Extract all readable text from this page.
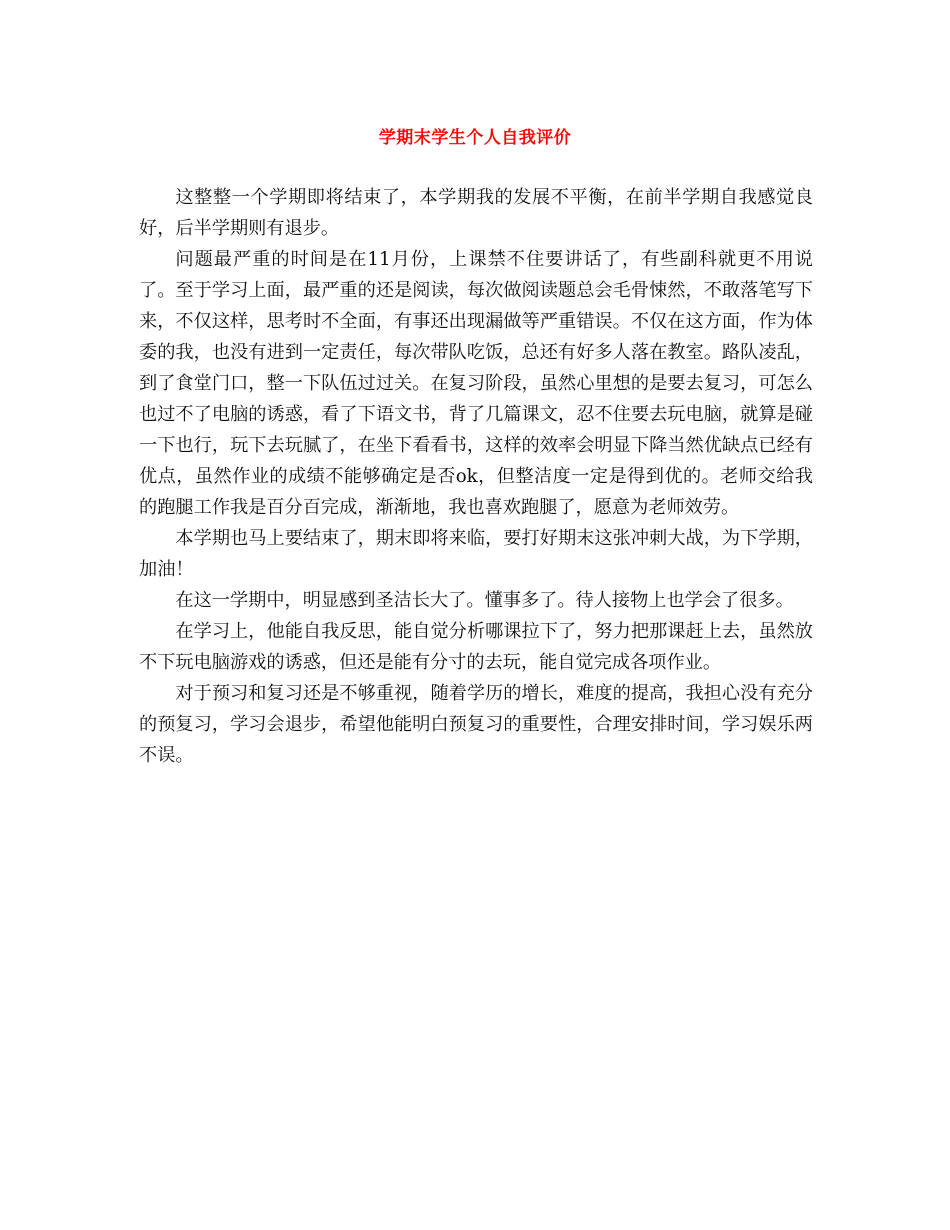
学期末学生个人自我评价

这整整一个学期即将结束了，本学期我的发展不平衡，在前半学期自我感觉良好，后半学期则有退步。

问题最严重的时间是在11月份，上课禁不住要讲话了，有些副科就更不用说了。至于学习上面，最严重的还是阅读，每次做阅读题总会毛骨悚然，不敢落笔写下来，不仅这样，思考时不全面，有事还出现漏做等严重错误。不仅在这方面，作为体委的我，也没有进到一定责任，每次带队吃饭，总还有好多人落在教室。路队凌乱，到了食堂门口，整一下队伍过过关。在复习阶段，虽然心里想的是要去复习，可怎么也过不了电脑的诱惑，看了下语文书，背了几篇课文，忍不住要去玩电脑，就算是碰一下也行，玩下去玩腻了，在坐下看看书，这样的效率会明显下降当然优缺点已经有优点，虽然作业的成绩不能够确定是否ok，但整洁度一定是得到优的。老师交给我的跑腿工作我是百分百完成，渐渐地，我也喜欢跑腿了，愿意为老师效劳。

本学期也马上要结束了，期末即将来临，要打好期末这张冲刺大战，为下学期，加油！

在这一学期中，明显感到圣洁长大了。懂事多了。待人接物上也学会了很多。

在学习上，他能自我反思，能自觉分析哪课拉下了，努力把那课赶上去，虽然放不下玩电脑游戏的诱惑，但还是能有分寸的去玩，能自觉完成各项作业。

对于预习和复习还是不够重视，随着学历的增长，难度的提高，我担心没有充分的预复习，学习会退步，希望他能明白预复习的重要性，合理安排时间，学习娱乐两不误。
